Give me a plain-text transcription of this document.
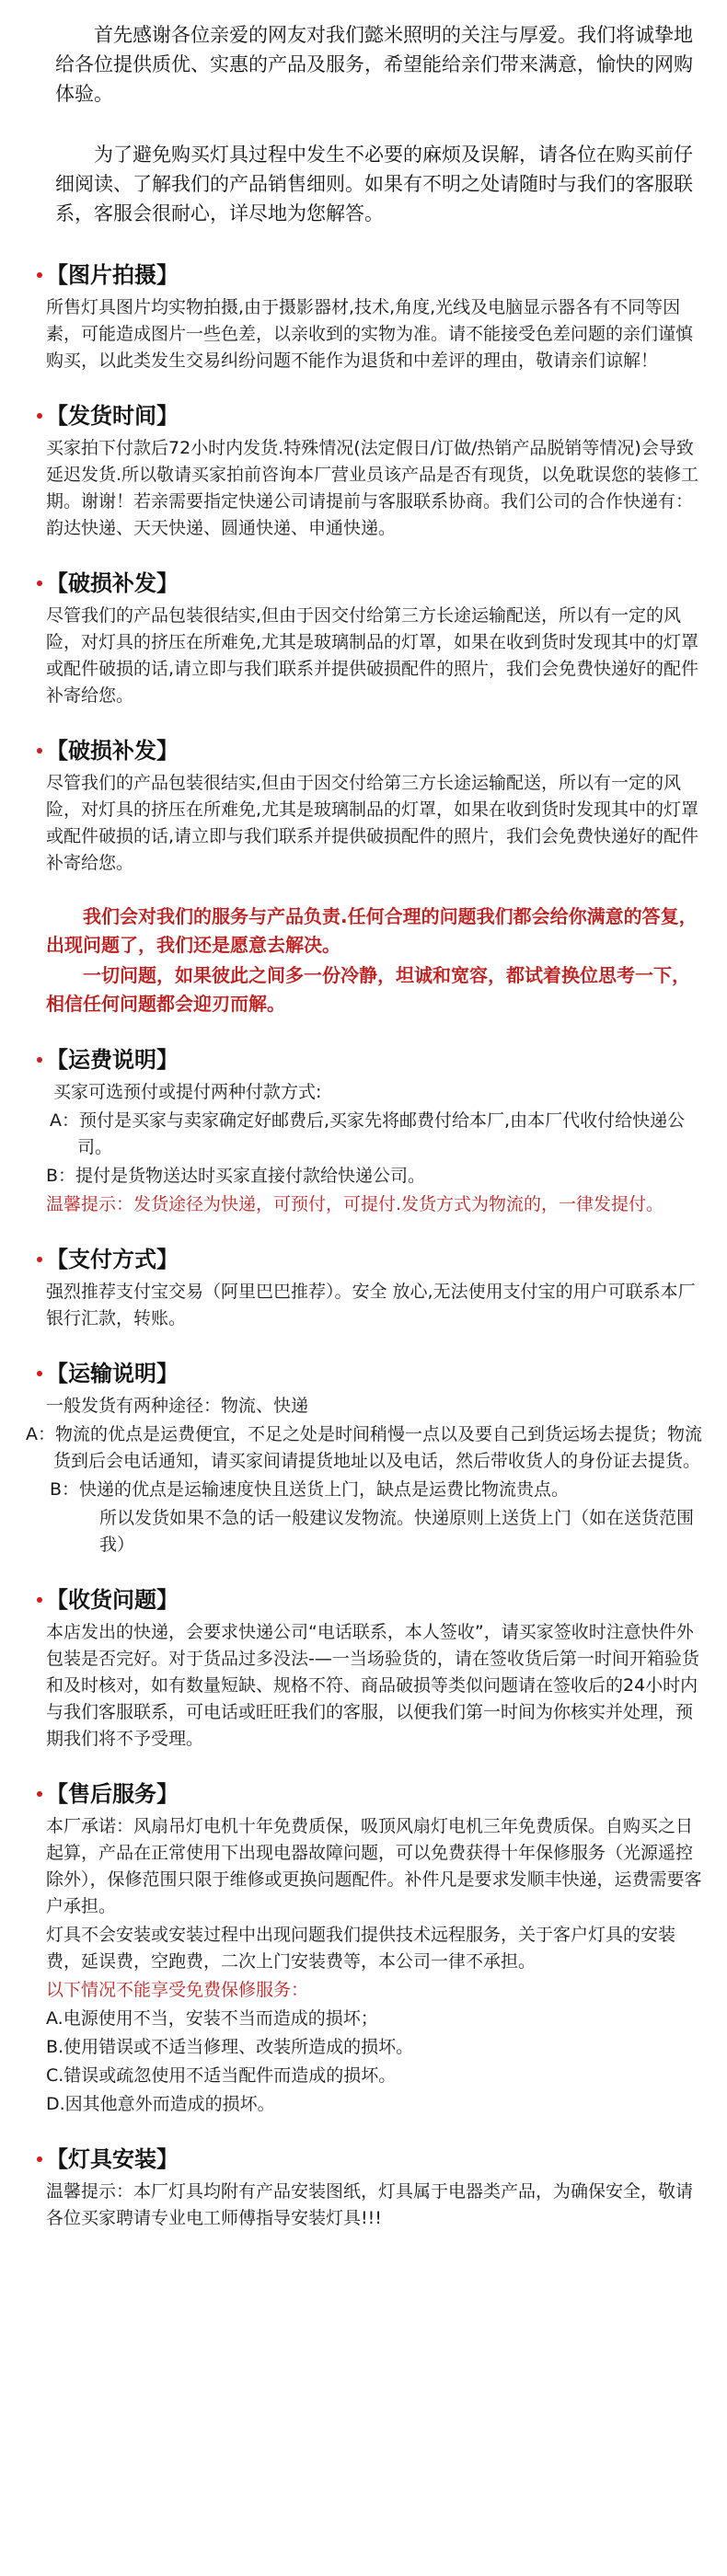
首先感谢各位亲爱的网友对我们懿米照明的关注与厚爱。我们将诚挚地给各位提供质优、实惠的产品及服务，希望能给亲们带来满意，愉快的网购体验。

为了避免购买灯具过程中发生不必要的麻烦及误解，请各位在购买前仔细阅读、了解我们的产品销售细则。如果有不明之处请随时与我们的客服联系，客服会很耐心，详尽地为您解答。

【图片拍摄】

所售灯具图片均实物拍摄,由于摄影器材,技术,角度,光线及电脑显示器各有不同等因素，可能造成图片一些色差，以亲收到的实物为准。请不能接受色差问题的亲们谨慎购买，以此类发生交易纠纷问题不能作为退货和中差评的理由，敬请亲们谅解！

【发货时间】

买家拍下付款后72小时内发货.特殊情况(法定假日/订做/热销产品脱销等情况)会导致延迟发货.所以敬请买家拍前咨询本厂营业员该产品是否有现货，以免耽误您的装修工期。谢谢！若亲需要指定快递公司请提前与客服联系协商。我们公司的合作快递有：韵达快递、天天快递、圆通快递、申通快递。

【破损补发】

尽管我们的产品包装很结实,但由于因交付给第三方长途运输配送，所以有一定的风险，对灯具的挤压在所难免,尤其是玻璃制品的灯罩，如果在收到货时发现其中的灯罩或配件破损的话,请立即与我们联系并提供破损配件的照片，我们会免费快递好的配件补寄给您。

【破损补发】

尽管我们的产品包装很结实,但由于因交付给第三方长途运输配送，所以有一定的风险，对灯具的挤压在所难免,尤其是玻璃制品的灯罩，如果在收到货时发现其中的灯罩或配件破损的话,请立即与我们联系并提供破损配件的照片，我们会免费快递好的配件补寄给您。

我们会对我们的服务与产品负责.任何合理的问题我们都会给你满意的答复，出现问题了，我们还是愿意去解决。

一切问题，如果彼此之间多一份冷静，坦诚和宽容，都试着换位思考一下，相信任何问题都会迎刃而解。

【运费说明】

买家可选预付或提付两种付款方式:

A：预付是买家与卖家确定好邮费后,买家先将邮费付给本厂,由本厂代收付给快递公司。

B：提付是货物送达时买家直接付款给快递公司。

温馨提示：发货途径为快递，可预付，可提付.发货方式为物流的，一律发提付。

【支付方式】

强烈推荐支付宝交易（阿里巴巴推荐）。安全 放心,无法使用支付宝的用户可联系本厂银行汇款，转账。

【运输说明】

一般发货有两种途径：物流、快递

A：物流的优点是运费便宜，不足之处是时间稍慢一点以及要自己到货运场去提货；物流货到后会电话通知，请买家间请提货地址以及电话，然后带收货人的身份证去提货。

B：快递的优点是运输速度快且送货上门，缺点是运费比物流贵点。

所以发货如果不急的话一般建议发物流。快递原则上送货上门（如在送货范围我）

【收货问题】

本店发出的快递，会要求快递公司“电话联系，本人签收”，请买家签收时注意快件外包装是否完好。对于货品过多没法-—一当场验货的，请在签收货后第一时间开箱验货和及时核对，如有数量短缺、规格不符、商品破损等类似问题请在签收后的24小时内与我们客服联系，可电话或旺旺我们的客服，以便我们第一时间为你核实并处理，预期我们将不予受理。

【售后服务】

本厂承诺：风扇吊灯电机十年免费质保，吸顶风扇灯电机三年免费质保。自购买之日起算，产品在正常使用下出现电器故障问题，可以免费获得十年保修服务（光源遥控除外），保修范围只限于维修或更换问题配件。补件凡是要求发顺丰快递，运费需要客户承担。

灯具不会安装或安装过程中出现问题我们提供技术远程服务，关于客户灯具的安装费，延误费，空跑费，二次上门安装费等，本公司一律不承担。

以下情况不能享受免费保修服务：

A.电源使用不当，安装不当而造成的损坏；

B.使用错误或不适当修理、改装所造成的损坏。

C.错误或疏忽使用不适当配件而造成的损坏。

D.因其他意外而造成的损坏。

【灯具安装】

温馨提示：本厂灯具均附有产品安装图纸，灯具属于电器类产品，为确保安全，敬请各位买家聘请专业电工师傅指导安装灯具!!!
